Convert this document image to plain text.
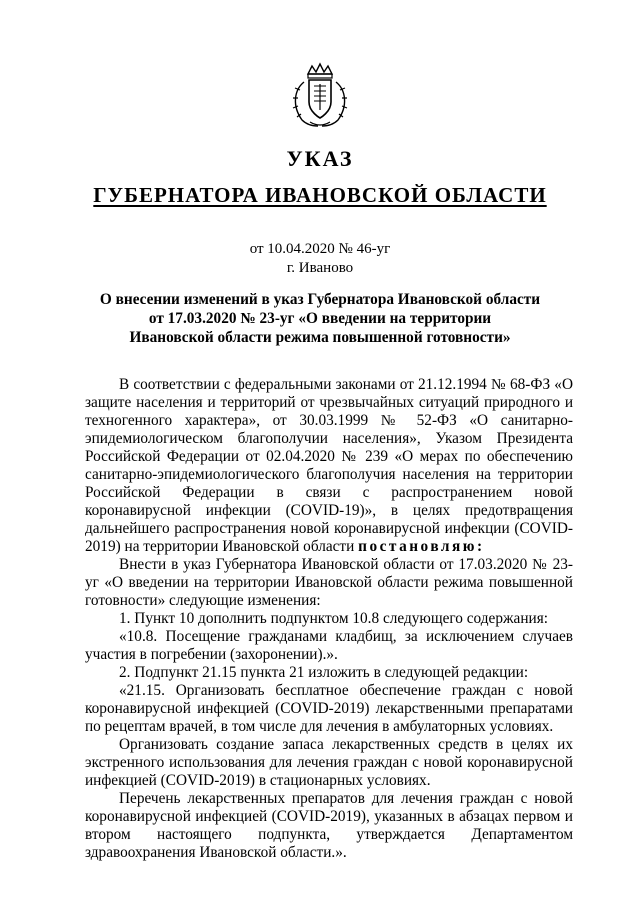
УКАЗ
ГУБЕРНАТОРА ИВАНОВСКОЙ ОБЛАСТИ
от 10.04.2020 № 46-уг
г. Иваново
О внесении изменений в указ Губернатора Ивановской области
от 17.03.2020 № 23-уг «О введении на территории
Ивановской области режима повышенной готовности»

В соответствии с федеральными законами от 21.12.1994 № 68-ФЗ «О защите населения и территорий от чрезвычайных ситуаций природного и техногенного характера», от 30.03.1999 № 52-ФЗ «О санитарно-эпидемиологическом благополучии населения», Указом Президента Российской Федерации от 02.04.2020 № 239 «О мерах по обеспечению санитарно-эпидемиологического благополучия населения на территории Российской Федерации в связи с распространением новой коронавирусной инфекции (COVID-19)», в целях предотвращения дальнейшего распространения новой коронавирусной инфекции (COVID-2019) на территории Ивановской области постановляю:

Внести в указ Губернатора Ивановской области от 17.03.2020 № 23-уг «О введении на территории Ивановской области режима повышенной готовности» следующие изменения:

1. Пункт 10 дополнить подпунктом 10.8 следующего содержания:

«10.8. Посещение гражданами кладбищ, за исключением случаев участия в погребении (захоронении).».

2. Подпункт 21.15 пункта 21 изложить в следующей редакции:

«21.15. Организовать бесплатное обеспечение граждан с новой коронавирусной инфекцией (COVID-2019) лекарственными препаратами по рецептам врачей, в том числе для лечения в амбулаторных условиях.

Организовать создание запаса лекарственных средств в целях их экстренного использования для лечения граждан с новой коронавирусной инфекцией (COVID-2019) в стационарных условиях.

Перечень лекарственных препаратов для лечения граждан с новой коронавирусной инфекцией (COVID-2019), указанных в абзацах первом и втором настоящего подпункта, утверждается Департаментом здравоохранения Ивановской области.».
